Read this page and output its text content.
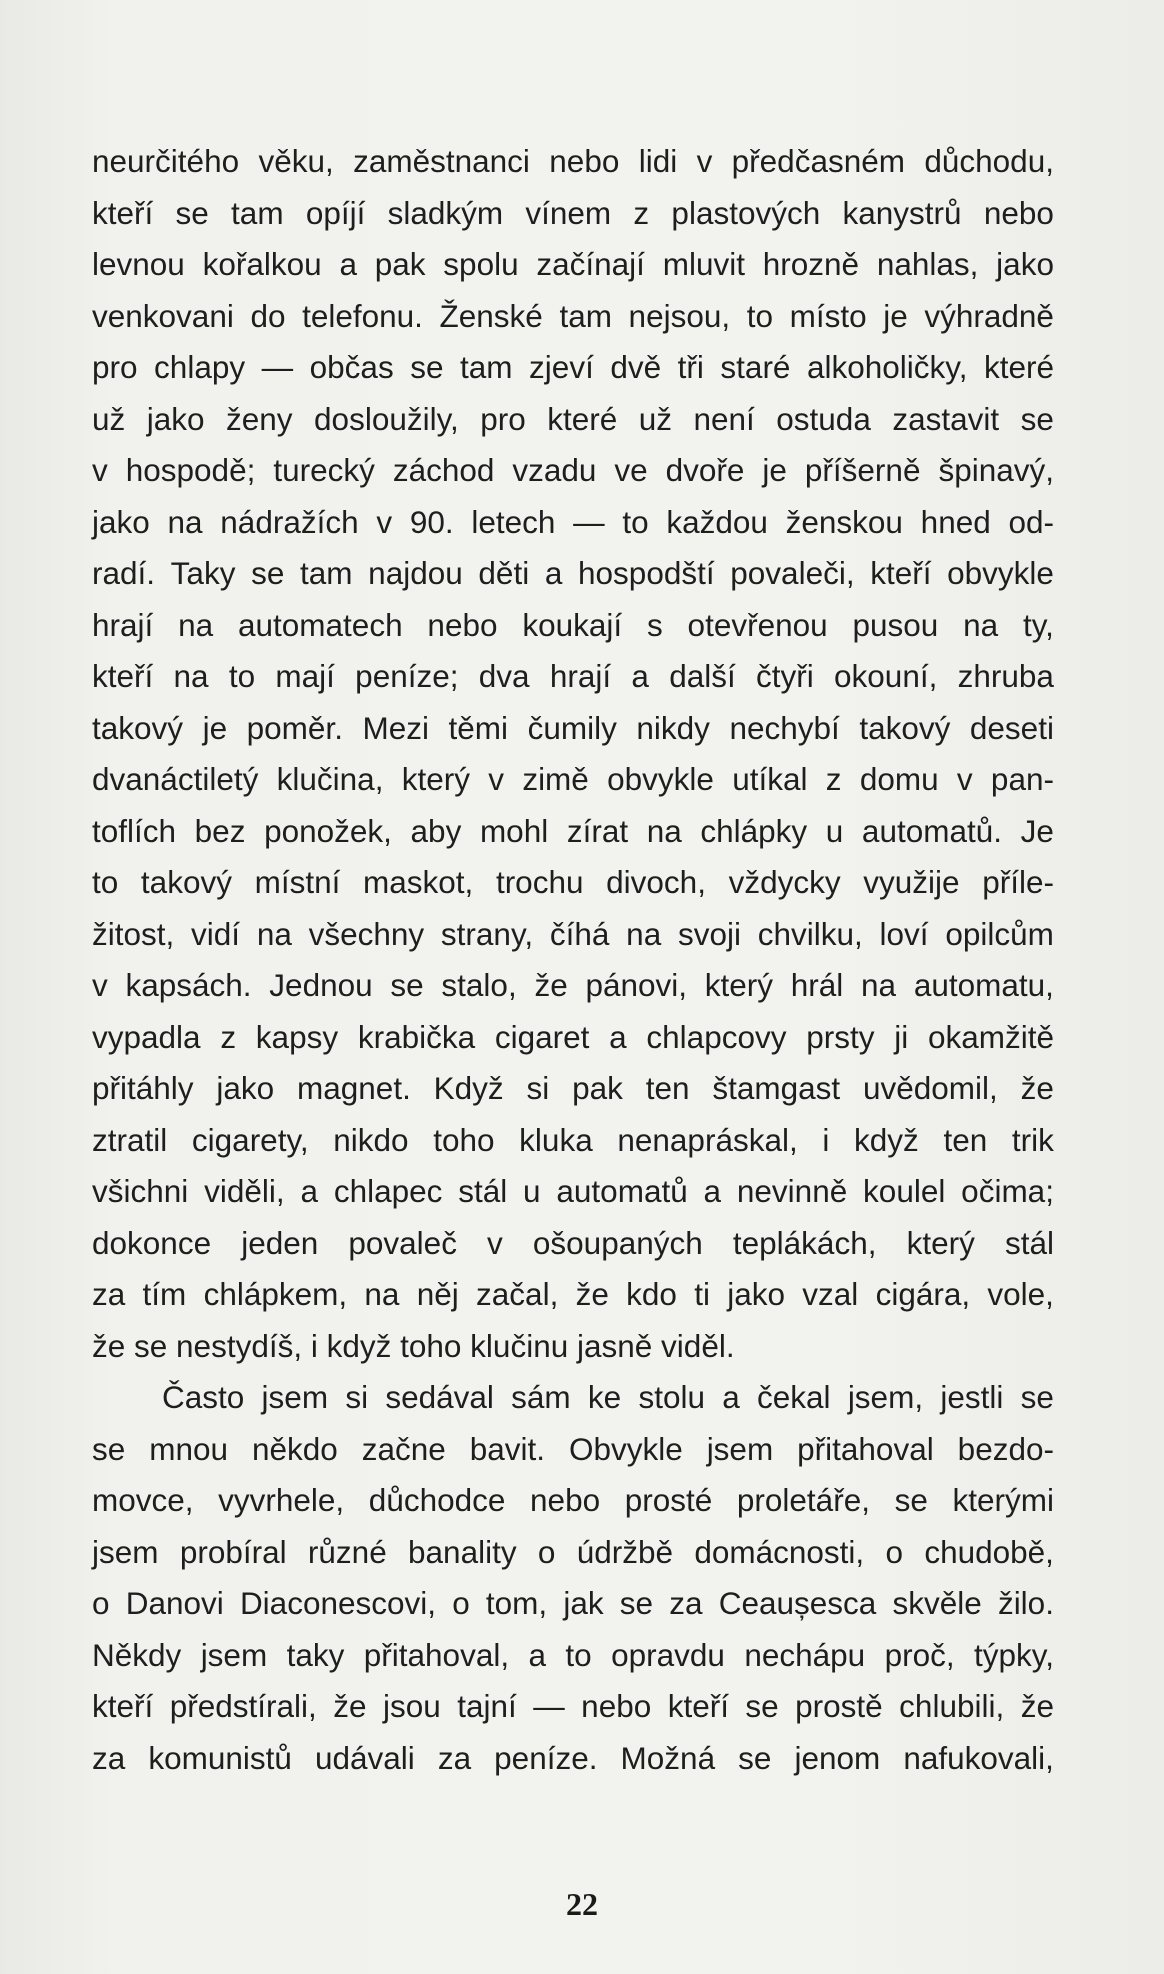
neurčitého věku, zaměstnanci nebo lidi v předčasném důchodu,
kteří se tam opíjí sladkým vínem z plastových kanystrů nebo
levnou kořalkou a pak spolu začínají mluvit hrozně nahlas, jako
venkovani do telefonu. Ženské tam nejsou, to místo je výhradně
pro chlapy — občas se tam zjeví dvě tři staré alkoholičky, které
už jako ženy dosloužily, pro které už není ostuda zastavit se
v hospodě; turecký záchod vzadu ve dvoře je příšerně špinavý,
jako na nádražích v 90. letech — to každou ženskou hned od-
radí. Taky se tam najdou děti a hospodští povaleči, kteří obvykle
hrají na automatech nebo koukají s otevřenou pusou na ty,
kteří na to mají peníze; dva hrají a další čtyři okouní, zhruba
takový je poměr. Mezi těmi čumily nikdy nechybí takový deseti
dvanáctiletý klučina, který v zimě obvykle utíkal z domu v pan-
toflích bez ponožek, aby mohl zírat na chlápky u automatů. Je
to takový místní maskot, trochu divoch, vždycky využije příle-
žitost, vidí na všechny strany, číhá na svoji chvilku, loví opilcům
v kapsách. Jednou se stalo, že pánovi, který hrál na automatu,
vypadla z kapsy krabička cigaret a chlapcovy prsty ji okamžitě
přitáhly jako magnet. Když si pak ten štamgast uvědomil, že
ztratil cigarety, nikdo toho kluka nenapráskal, i když ten trik
všichni viděli, a chlapec stál u automatů a nevinně koulel očima;
dokonce jeden povaleč v ošoupaných teplákách, který stál
za tím chlápkem, na něj začal, že kdo ti jako vzal cigára, vole,
že se nestydíš, i když toho klučinu jasně viděl.
Často jsem si sedával sám ke stolu a čekal jsem, jestli se
se mnou někdo začne bavit. Obvykle jsem přitahoval bezdo-
movce, vyvrhele, důchodce nebo prosté proletáře, se kterými
jsem probíral různé banality o údržbě domácnosti, o chudobě,
o Danovi Diaconescovi, o tom, jak se za Ceaușesca skvěle žilo.
Někdy jsem taky přitahoval, a to opravdu nechápu proč, týpky,
kteří předstírali, že jsou tajní — nebo kteří se prostě chlubili, že
za komunistů udávali za peníze. Možná se jenom nafukovali,
22
